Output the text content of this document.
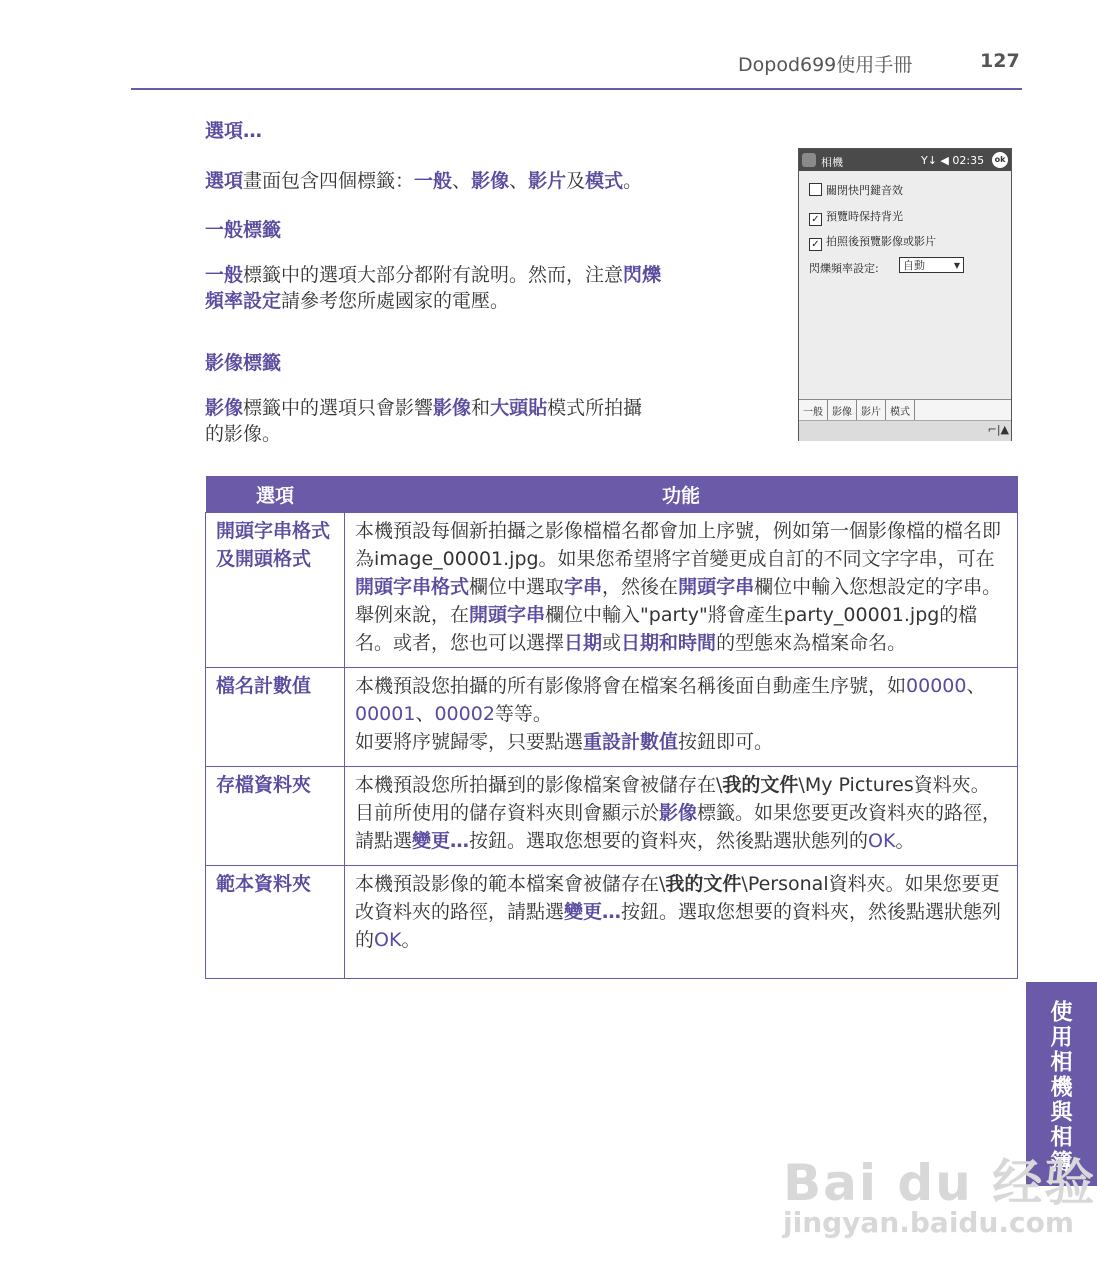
Dopod699使用手冊	127
選項…
選項畫面包含四個標籤：一般、影像、影片及模式。
一般標籤
一般標籤中的選項大部分都附有說明。然而，注意閃爍
頻率設定請參考您所處國家的電壓。
影像標籤
影像標籤中的選項只會影響影像和大頭貼模式所拍攝
的影像。
相機	Y↓ ◀ 02:35	ok
關閉快門鍵音效
✓ 預覽時保持背光
✓ 拍照後預覽影像或影片
閃爍頻率設定:	自動	▼
一般 影像 影片 模式
⌐|▲
選項	功能
開頭字串格式及開頭格式	本機預設每個新拍攝之影像檔檔名都會加上序號，例如第一個影像檔的檔名即為image_00001.jpg。如果您希望將字首變更成自訂的不同文字字串，可在開頭字串格式欄位中選取字串，然後在開頭字串欄位中輸入您想設定的字串。舉例來說，在開頭字串欄位中輸入"party"將會產生party_00001.jpg的檔名。或者，您也可以選擇日期或日期和時間的型態來為檔案命名。
檔名計數值	本機預設您拍攝的所有影像將會在檔案名稱後面自動產生序號，如00000、00001、00002等等。
如要將序號歸零，只要點選重設計數值按鈕即可。
存檔資料夾	本機預設您所拍攝到的影像檔案會被儲存在\我的文件\My Pictures資料夾。目前所使用的儲存資料夾則會顯示於影像標籤。如果您要更改資料夾的路徑，請點選變更…按鈕。選取您想要的資料夾，然後點選狀態列的OK。
範本資料夾	本機預設影像的範本檔案會被儲存在\我的文件\Personal資料夾。如果您要更改資料夾的路徑，請點選變更…按鈕。選取您想要的資料夾，然後點選狀態列的OK。
使用相機與相簿
Bai du 经验
jingyan.baidu.com
